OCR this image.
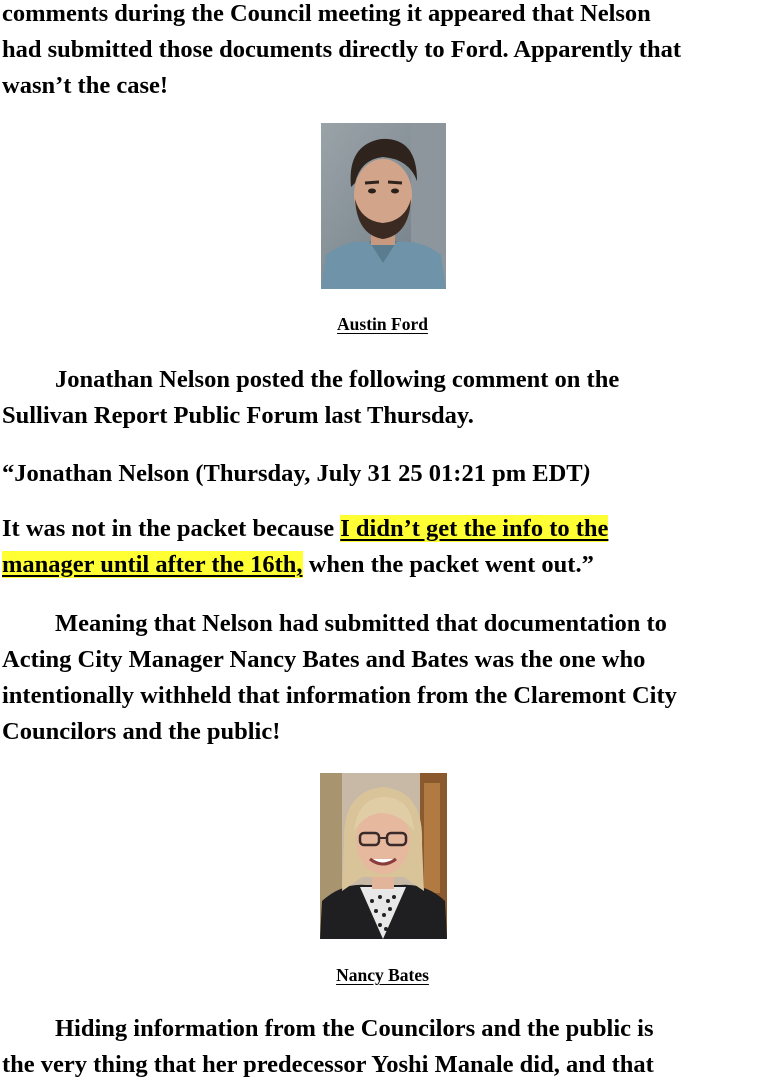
comments during the Council meeting it appeared that Nelson
had submitted those documents directly to Ford. Apparently that
wasn’t the case!
Austin Ford
Jonathan Nelson posted the following comment on the
Sullivan Report Public Forum last Thursday.
“Jonathan Nelson (Thursday, July 31 25 01:21 pm EDT)
It was not in the packet because I didn’t get the info to the
manager until after the 16th, when the packet went out.”
Meaning that Nelson had submitted that documentation to
Acting City Manager Nancy Bates and Bates was the one who
intentionally withheld that information from the Claremont City
Councilors and the public!
Nancy Bates
Hiding information from the Councilors and the public is
the very thing that her predecessor Yoshi Manale did, and that
